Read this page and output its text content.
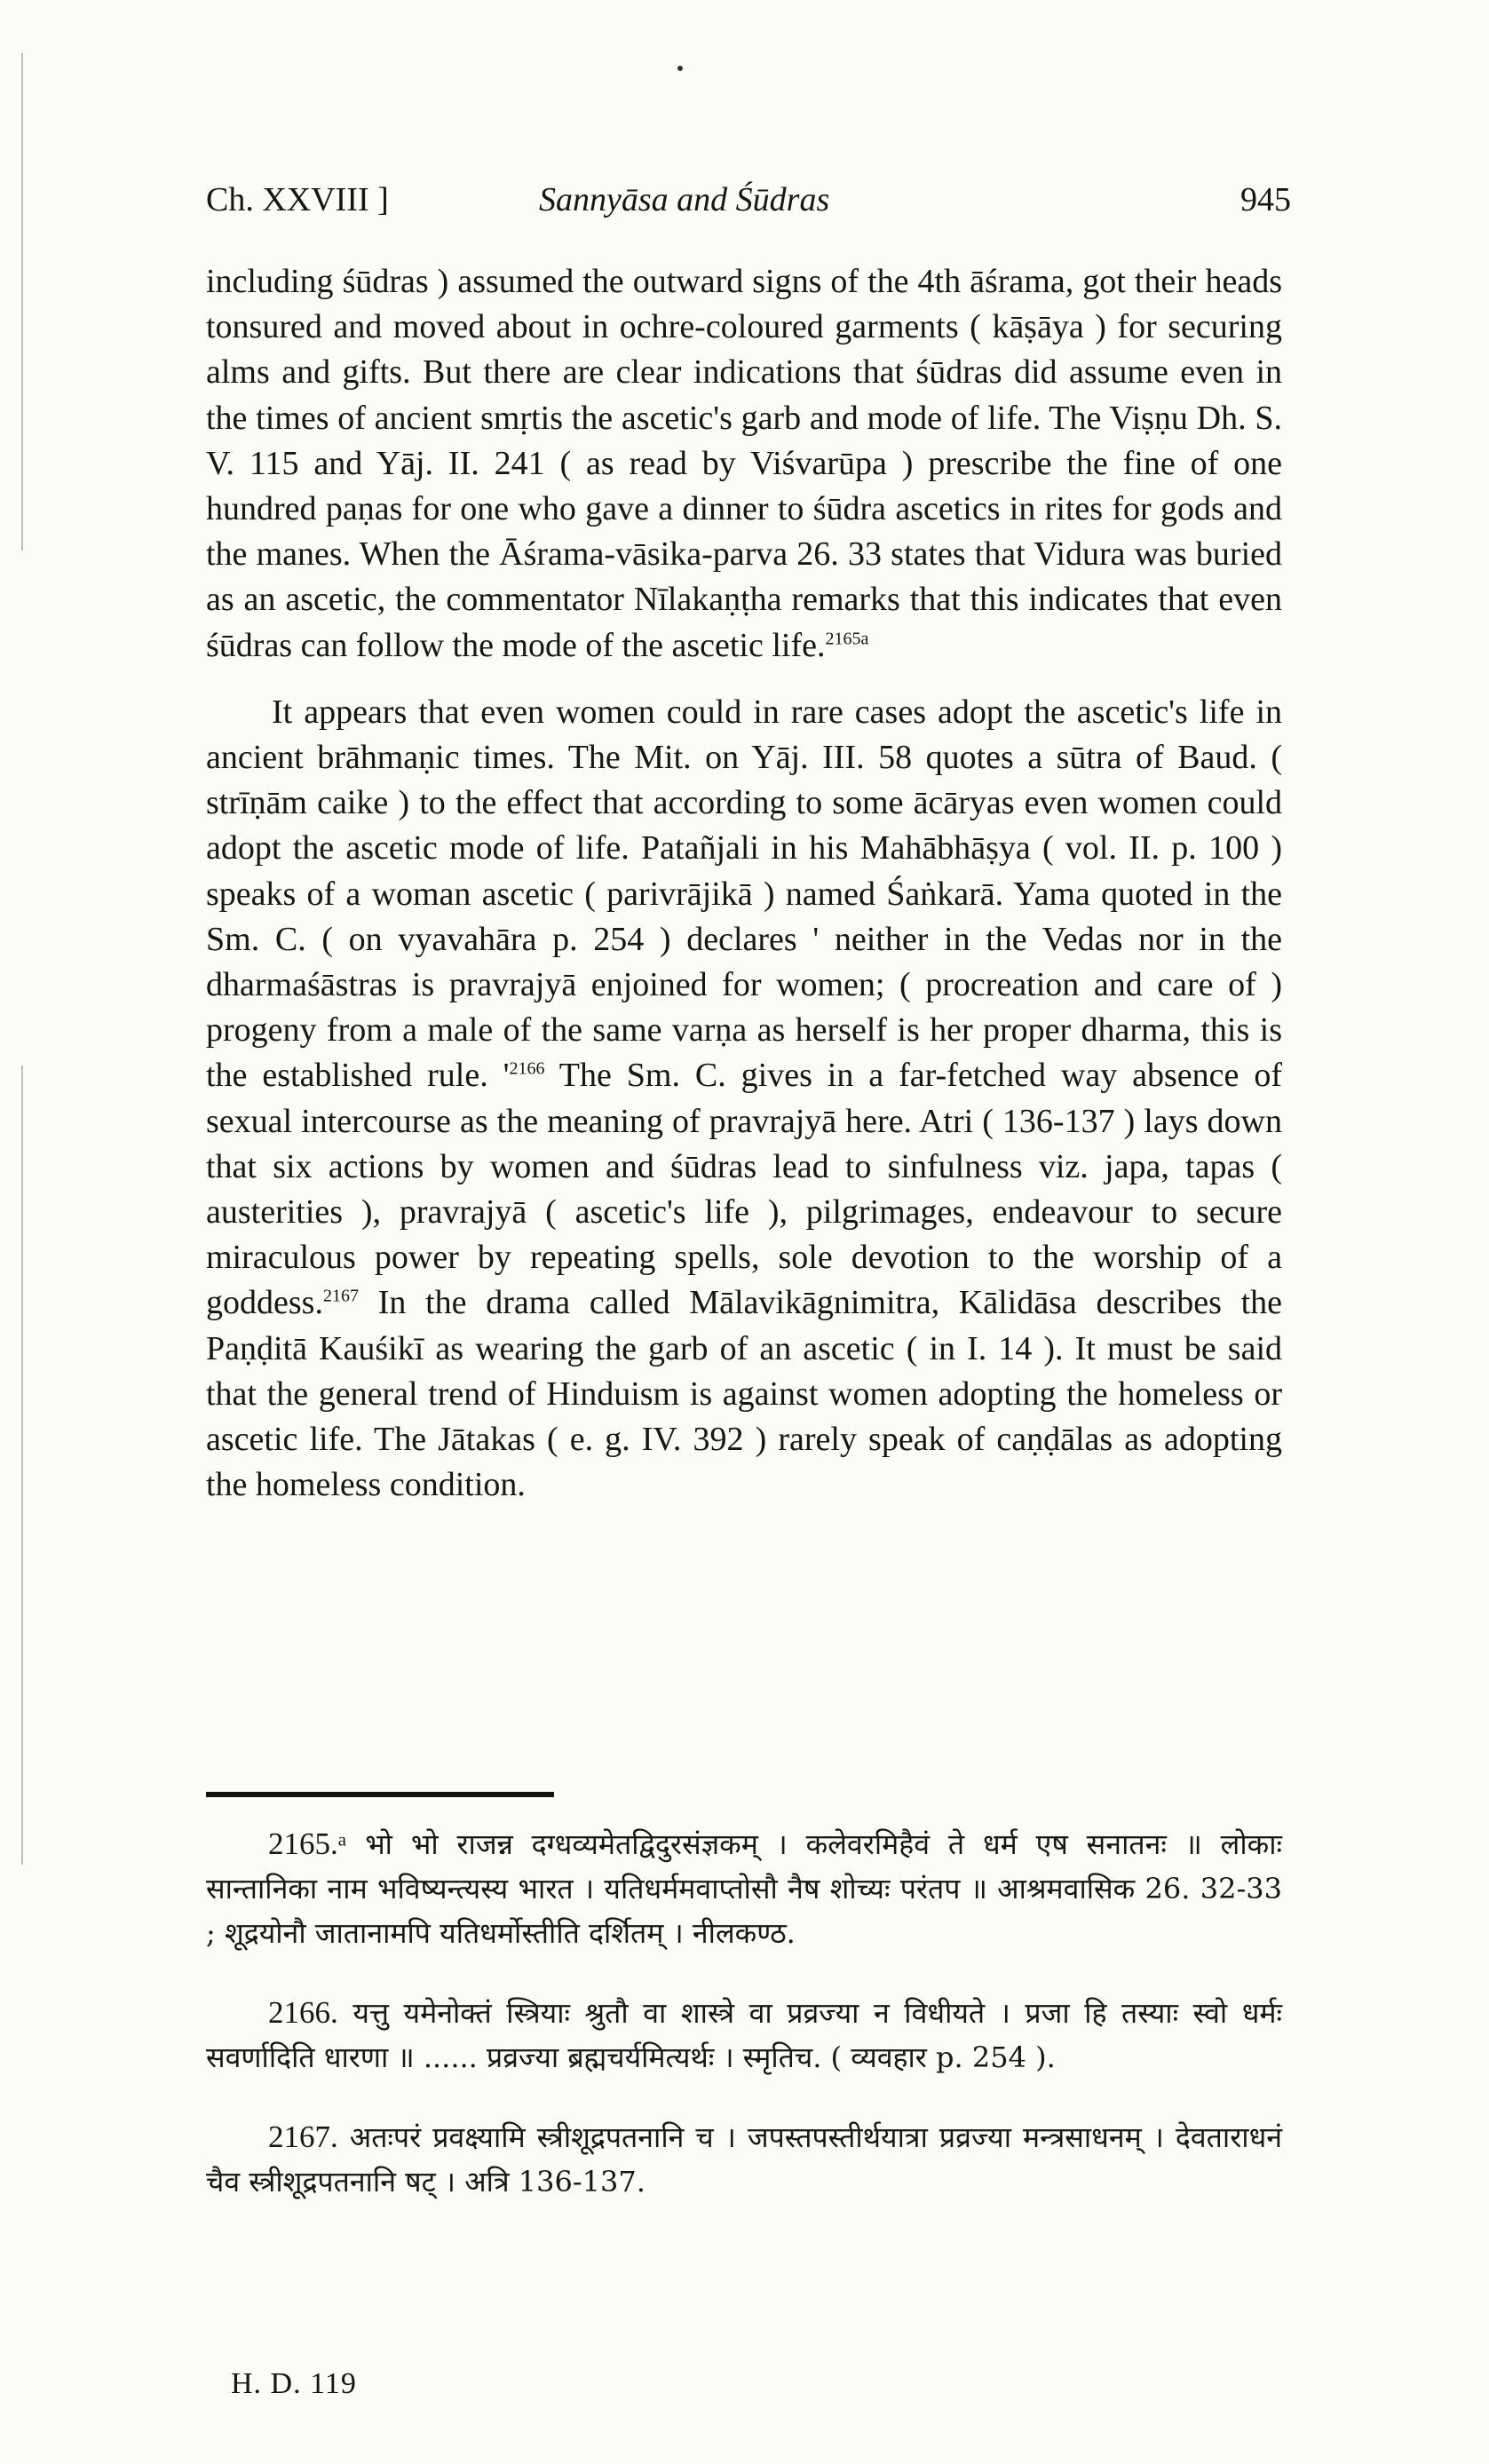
Ch. XXVIII ]	Sannyāsa and Śūdras	945

including śūdras ) assumed the outward signs of the 4th āśrama, got their heads tonsured and moved about in ochre-coloured garments ( kāṣāya ) for securing alms and gifts. But there are clear indications that śūdras did assume even in the times of ancient smṛtis the ascetic's garb and mode of life. The Viṣṇu Dh. S. V. 115 and Yāj. II. 241 ( as read by Viśvarūpa ) prescribe the fine of one hundred paṇas for one who gave a dinner to śūdra ascetics in rites for gods and the manes. When the Āśrama-vāsika-parva 26. 33 states that Vidura was buried as an ascetic, the commentator Nīlakaṇṭha remarks that this indicates that even śūdras can follow the mode of the ascetic life.$^{2165a}$

It appears that even women could in rare cases adopt the ascetic's life in ancient brāhmaṇic times. The Mit. on Yāj. III. 58 quotes a sūtra of Baud. ( strīṇām caike ) to the effect that according to some ācāryas even women could adopt the ascetic mode of life. Patañjali in his Mahābhāṣya ( vol. II. p. 100 ) speaks of a woman ascetic ( parivrājikā ) named Śaṅkarā. Yama quoted in the Sm. C. ( on vyavahāra p. 254 ) declares ' neither in the Vedas nor in the dharmaśāstras is pravrajyā enjoined for women; ( procreation and care of ) progeny from a male of the same varṇa as herself is her proper dharma, this is the established rule. '$^{2166}$ The Sm. C. gives in a far-fetched way absence of sexual intercourse as the meaning of pravrajyā here. Atri ( 136-137 ) lays down that six actions by women and śūdras lead to sinfulness viz. japa, tapas ( austerities ), pravrajyā ( ascetic's life ), pilgrimages, endeavour to secure miraculous power by repeating spells, sole devotion to the worship of a goddess.$^{2167}$ In the drama called Mālavikāgnimitra, Kālidāsa describes the Paṇḍitā Kauśikī as wearing the garb of an ascetic ( in I. 14 ). It must be said that the general trend of Hinduism is against women adopting the homeless or ascetic life. The Jātakas ( e. g. IV. 392 ) rarely speak of caṇḍālas as adopting the homeless condition.

2165.ᵃ भो भो राजन्न दग्धव्यमेतद्विदुरसंज्ञकम् । कलेवरमिहैवं ते धर्म एष सनातनः ॥ लोकाः सान्तानिका नाम भविष्यन्त्यस्य भारत । यतिधर्ममवाप्तोसौ नैष शोच्यः परंतप ॥ आश्रमवासिक 26. 32-33 ; शूद्रयोनौ जातानामपि यतिधर्मोस्तीति दर्शितम् । नीलकण्ठ.

2166. यत्तु यमेनोक्तं स्त्रियाः श्रुतौ वा शास्त्रे वा प्रव्रज्या न विधीयते । प्रजा हि तस्याः स्वो धर्मः सवर्णादिति धारणा ॥ ...... प्रव्रज्या ब्रह्मचर्यमित्यर्थः । स्मृतिच. ( व्यवहार p. 254 ).

2167. अतःपरं प्रवक्ष्यामि स्त्रीशूद्रपतनानि च । जपस्तपस्तीर्थयात्रा प्रव्रज्या मन्त्रसाधनम् । देवताराधनं चैव स्त्रीशूद्रपतनानि षट् । अत्रि 136-137.

H. D. 119
